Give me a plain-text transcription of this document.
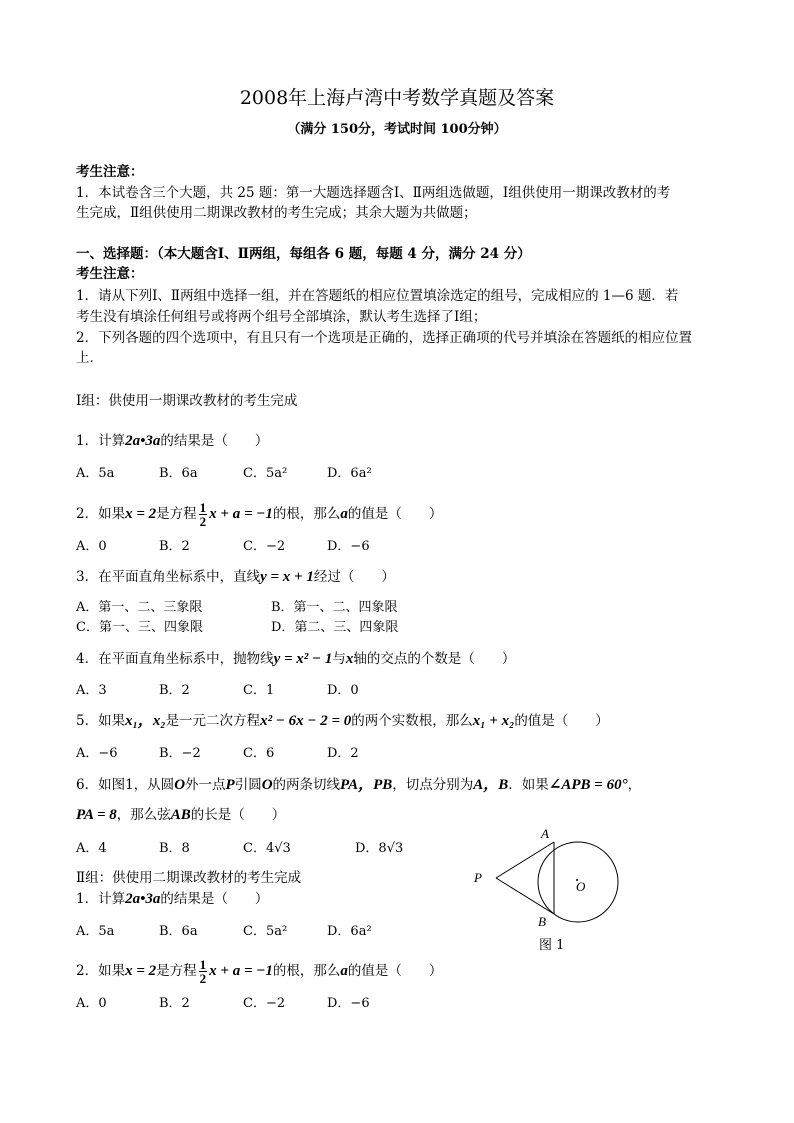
2008年上海卢湾中考数学真题及答案
（满分 150分，考试时间 100分钟）
考生注意：
1．本试卷含三个大题，共 25 题：第一大题选择题含Ⅰ、Ⅱ两组选做题，Ⅰ组供使用一期课改教材的考
生完成，Ⅱ组供使用二期课改教材的考生完成；其余大题为共做题；
一、选择题：（本大题含Ⅰ、Ⅱ两组，每组各 6 题，每题 4 分，满分 24 分）
考生注意：
1．请从下列Ⅰ、Ⅱ两组中选择一组，并在答题纸的相应位置填涂选定的组号，完成相应的 1—6 题．若
考生没有填涂任何组号或将两个组号全部填涂，默认考生选择了Ⅰ组；
2．下列各题的四个选项中，有且只有一个选项是正确的，选择正确项的代号并填涂在答题纸的相应位置
上．
Ⅰ组：供使用一期课改教材的考生完成
1．计算2a•3a的结果是（　　）
A．5a	B．6a	C．5a²	D．6a²
2．如果x = 2是方程 $\frac{1}{2}$ x + a = −1的根，那么a的值是（　　）
A．0	B．2	C．−2	D．−6
3．在平面直角坐标系中，直线y = x + 1经过（　　）
A．第一、二、三象限	B．第一、二、四象限
C．第一、三、四象限	D．第二、三、四象限
4．在平面直角坐标系中，抛物线y = x² − 1与x轴的交点的个数是（　　）
A．3	B．2	C．1	D．0
5．如果x₁，x₂是一元二次方程x² − 6x − 2 = 0的两个实数根，那么x₁ + x₂的值是（　　）
A．−6	B．−2	C．6	D．2
6．如图1，从圆O外一点P引圆O的两条切线PA，PB，切点分别为A，B．如果∠APB = 60°，
PA = 8，那么弦AB的长是（　　）
A．4	B．8	C．4√3	D．8√3
Ⅱ组：供使用二期课改教材的考生完成
1．计算2a•3a的结果是（　　）
A．5a	B．6a	C．5a²	D．6a²
2．如果x = 2是方程 $\frac{1}{2}$ x + a = −1的根，那么a的值是（　　）
A．0	B．2	C．−2	D．−6
A
B
P
O
图 1
